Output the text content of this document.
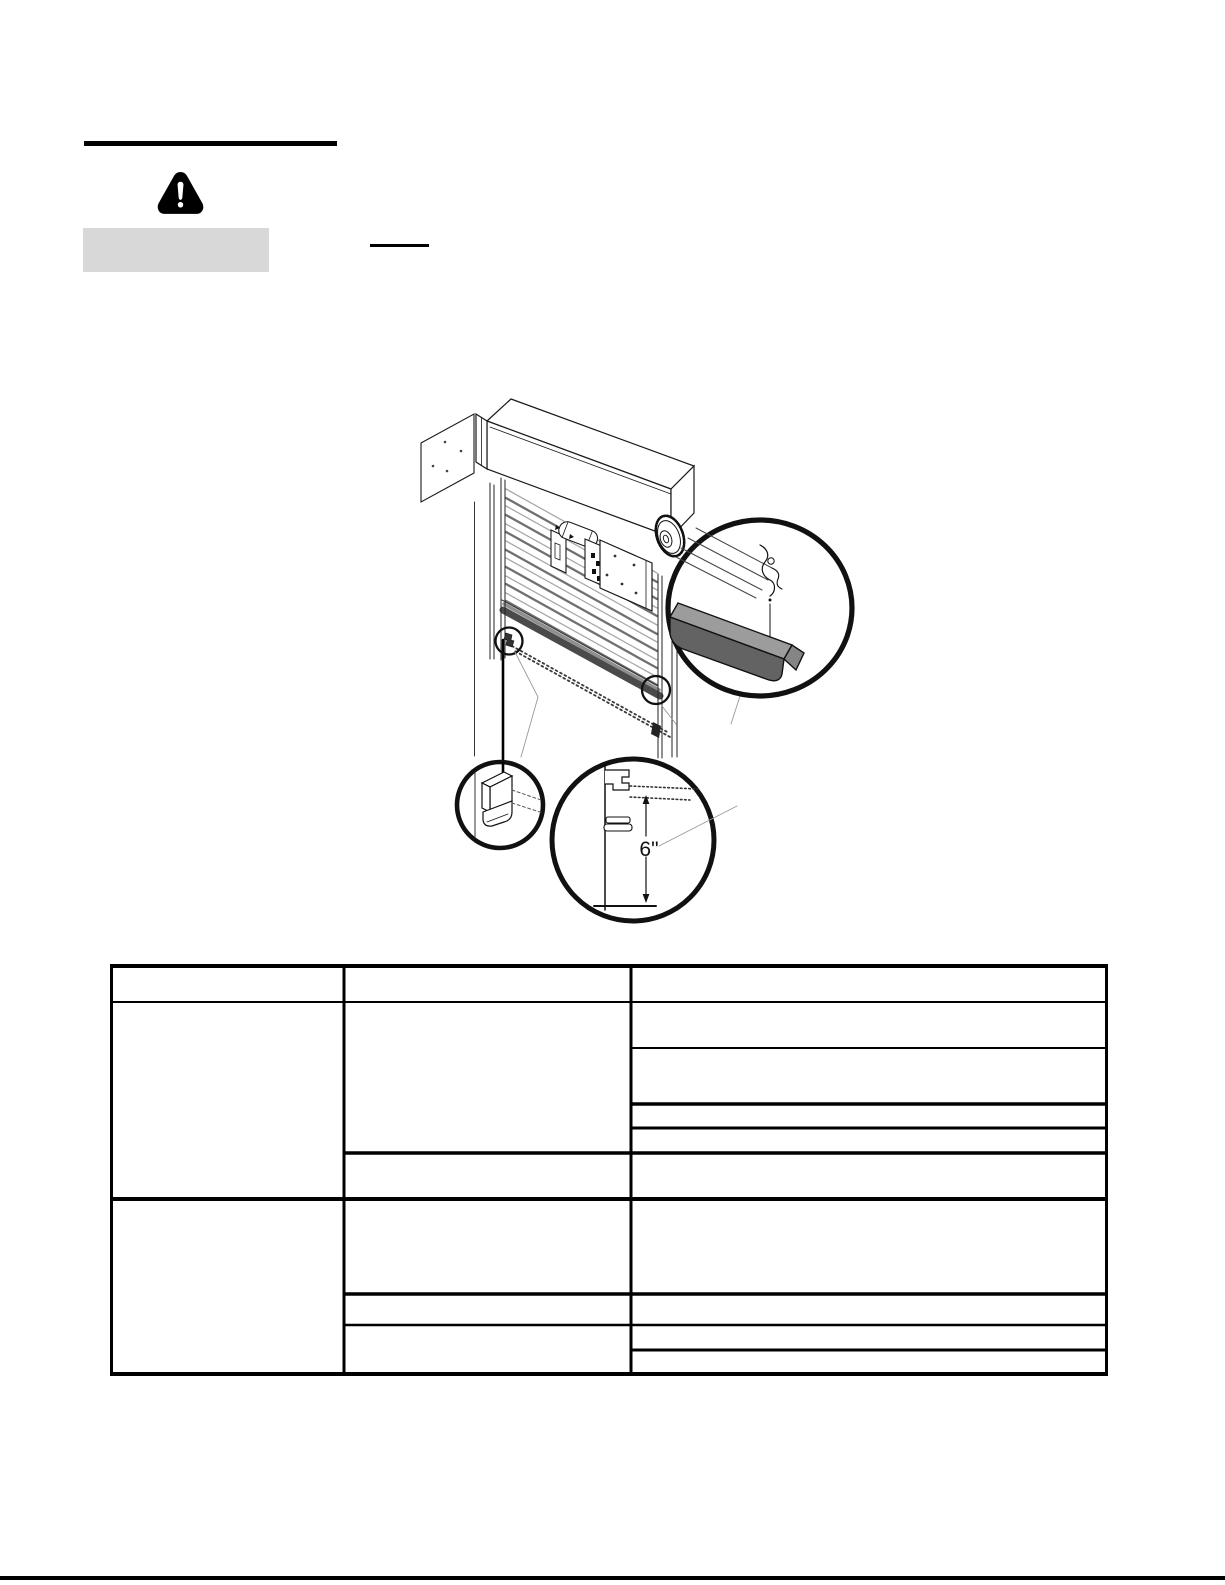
6"
